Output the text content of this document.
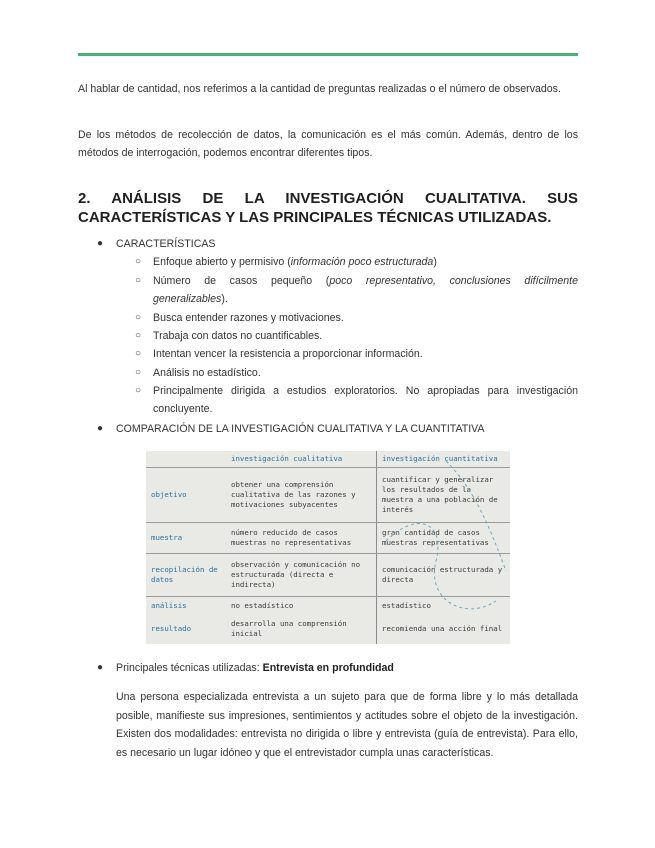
Al hablar de cantidad, nos referimos a la cantidad de preguntas realizadas o el número de observados.

De los métodos de recolección de datos, la comunicación es el más común. Además, dentro de los métodos de interrogación, podemos encontrar diferentes tipos.

2. ANÁLISIS DE LA INVESTIGACIÓN CUALITATIVA. SUS CARACTERÍSTICAS Y LAS PRINCIPALES TÉCNICAS UTILIZADAS.
● CARACTERÍSTICAS
○ Enfoque abierto y permisivo (información poco estructurada)
○ Número de casos pequeño (poco representativo, conclusiones difícilmente generalizables).
○ Busca entender razones y motivaciones.
○ Trabaja con datos no cuantificables.
○ Intentan vencer la resistencia a proporcionar información.
○ Análisis no estadístico.
○ Principalmente dirigida a estudios exploratorios. No apropiadas para investigación concluyente.
● COMPARACIÓN DE LA INVESTIGACIÓN CUALITATIVA Y LA CUANTITATIVA
	investigación cualitativa	investigación cuantitativa
objetivo	obtener una comprensión cualitativa de las razones y motivaciones subyacentes	cuantificar y generalizar los resultados de la muestra a una población de interés
muestra	número reducido de casos muestras no representativas	gran cantidad de casos muestras representativas
recopilación de datos	observación y comunicación no estructurada (directa e indirecta)	comunicación estructurada y directa
análisis	no estadístico	estadístico
resultado	desarrolla una comprensión inicial	recomienda una acción final
● Principales técnicas utilizadas: Entrevista en profundidad

Una persona especializada entrevista a un sujeto para que de forma libre y lo más detallada posible, manifieste sus impresiones, sentimientos y actitudes sobre el objeto de la investigación. Existen dos modalidades: entrevista no dirigida o libre y entrevista (guía de entrevista). Para ello, es necesario un lugar idóneo y que el entrevistador cumpla unas características.
